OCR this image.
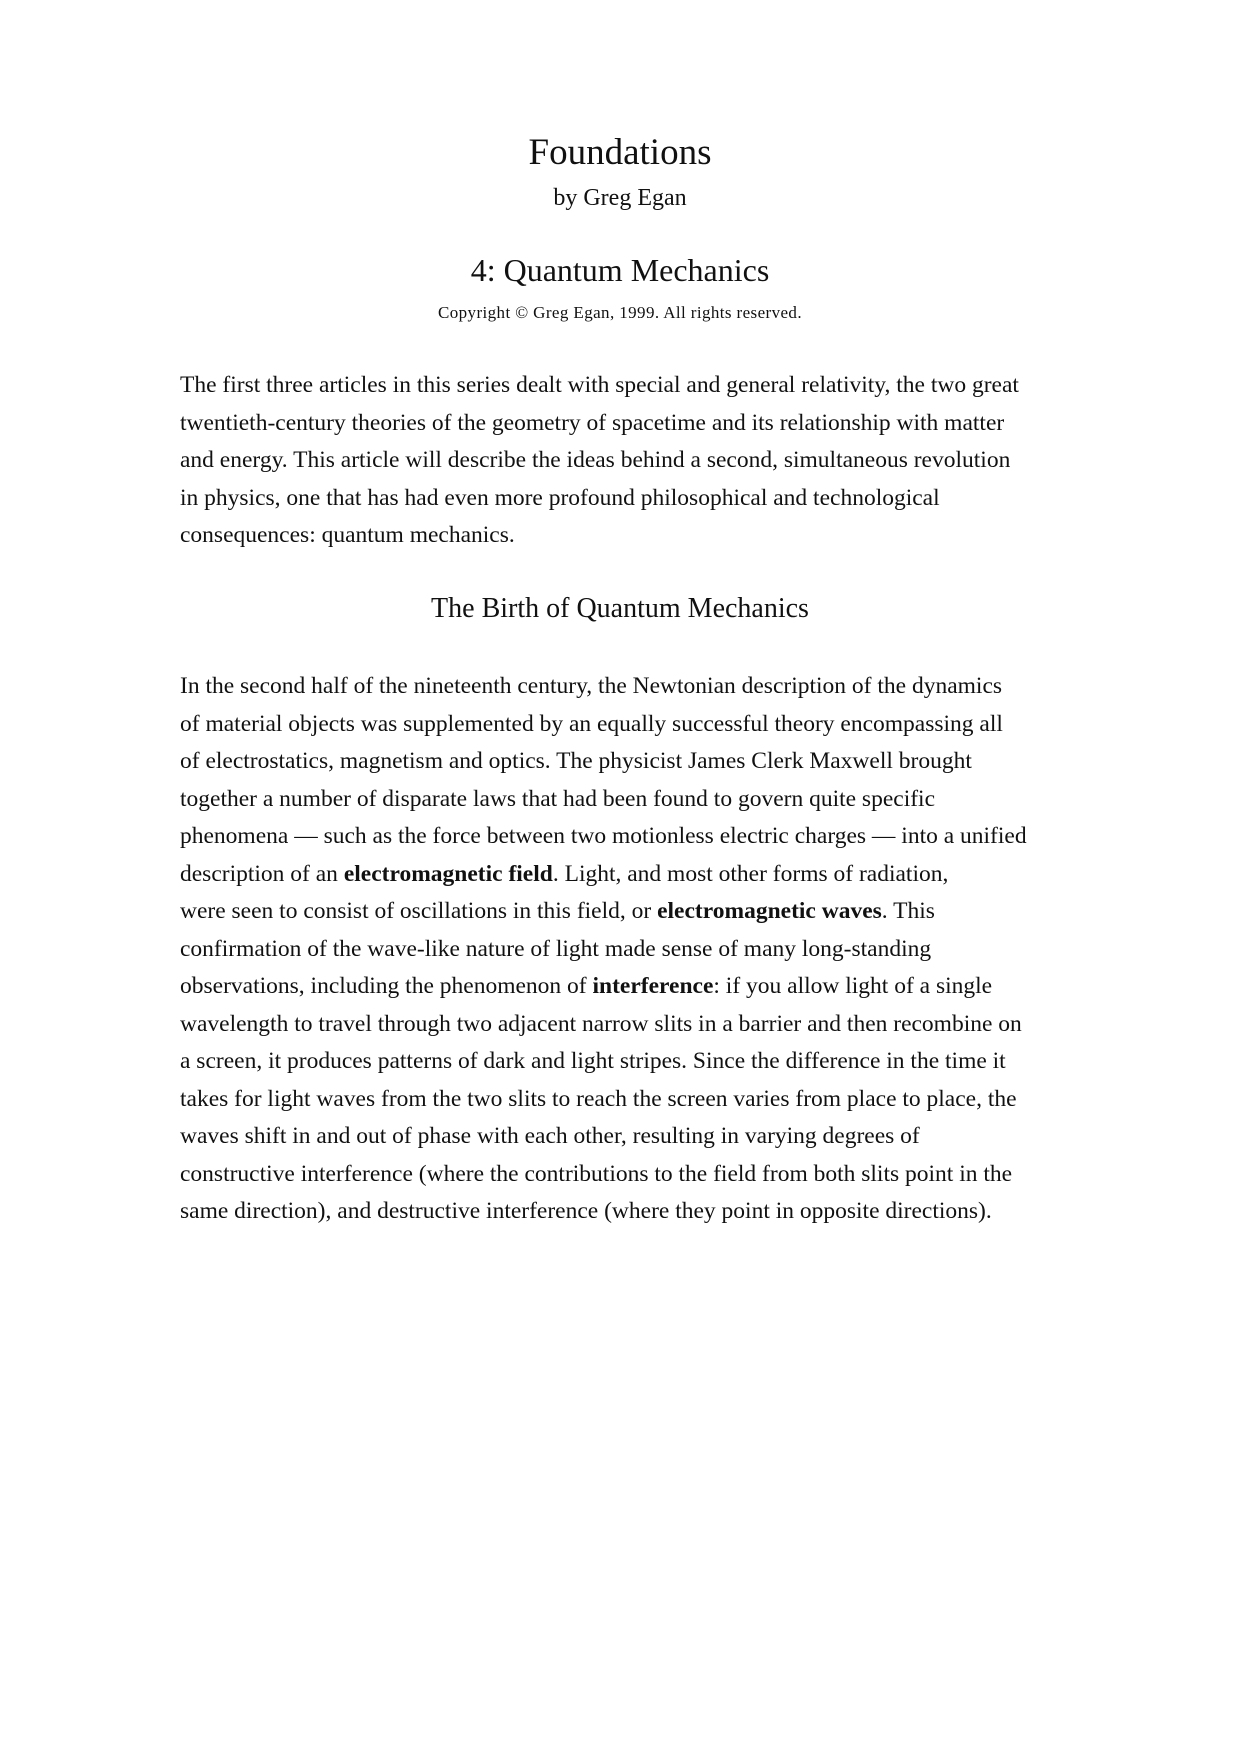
Foundations

by Greg Egan

4: Quantum Mechanics

Copyright © Greg Egan, 1999. All rights reserved.

The first three articles in this series dealt with special and general relativity, the two great
twentieth-century theories of the geometry of spacetime and its relationship with matter
and energy. This article will describe the ideas behind a second, simultaneous revolution
in physics, one that has had even more profound philosophical and technological
consequences: quantum mechanics.

The Birth of Quantum Mechanics

In the second half of the nineteenth century, the Newtonian description of the dynamics
of material objects was supplemented by an equally successful theory encompassing all
of electrostatics, magnetism and optics. The physicist James Clerk Maxwell brought
together a number of disparate laws that had been found to govern quite specific
phenomena — such as the force between two motionless electric charges — into a unified
description of an electromagnetic field. Light, and most other forms of radiation,
were seen to consist of oscillations in this field, or electromagnetic waves. This
confirmation of the wave-like nature of light made sense of many long-standing
observations, including the phenomenon of interference: if you allow light of a single
wavelength to travel through two adjacent narrow slits in a barrier and then recombine on
a screen, it produces patterns of dark and light stripes. Since the difference in the time it
takes for light waves from the two slits to reach the screen varies from place to place, the
waves shift in and out of phase with each other, resulting in varying degrees of
constructive interference (where the contributions to the field from both slits point in the
same direction), and destructive interference (where they point in opposite directions).
